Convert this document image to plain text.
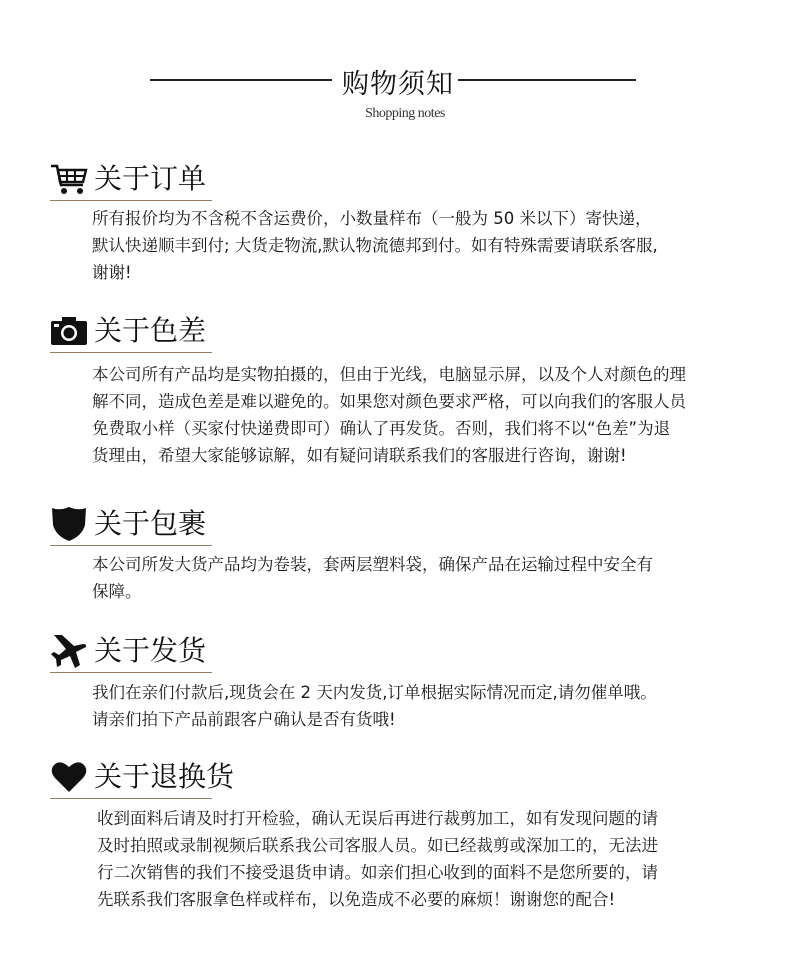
购物须知
Shopping notes
关于订单

所有报价均为不含税不含运费价，小数量样布（一般为 50 米以下）寄快递，

默认快递顺丰到付; 大货走物流,默认物流德邦到付。如有特殊需要请联系客服,

谢谢!

关于色差

本公司所有产品均是实物拍摄的，但由于光线，电脑显示屏，以及个人对颜色的理

解不同，造成色差是难以避免的。如果您对颜色要求严格，可以向我们的客服人员

免费取小样（买家付快递费即可）确认了再发货。否则，我们将不以“色差”为退

货理由，希望大家能够谅解，如有疑问请联系我们的客服进行咨询，谢谢!

关于包裹

本公司所发大货产品均为卷装，套两层塑料袋，确保产品在运输过程中安全有

保障。

关于发货

我们在亲们付款后,现货会在 2 天内发货,订单根据实际情况而定,请勿催单哦。

请亲们拍下产品前跟客户确认是否有货哦!

关于退换货

收到面料后请及时打开检验，确认无误后再进行裁剪加工，如有发现问题的请

及时拍照或录制视频后联系我公司客服人员。如已经裁剪或深加工的，无法进

行二次销售的我们不接受退货申请。如亲们担心收到的面料不是您所要的，请

先联系我们客服拿色样或样布，以免造成不必要的麻烦！谢谢您的配合!
